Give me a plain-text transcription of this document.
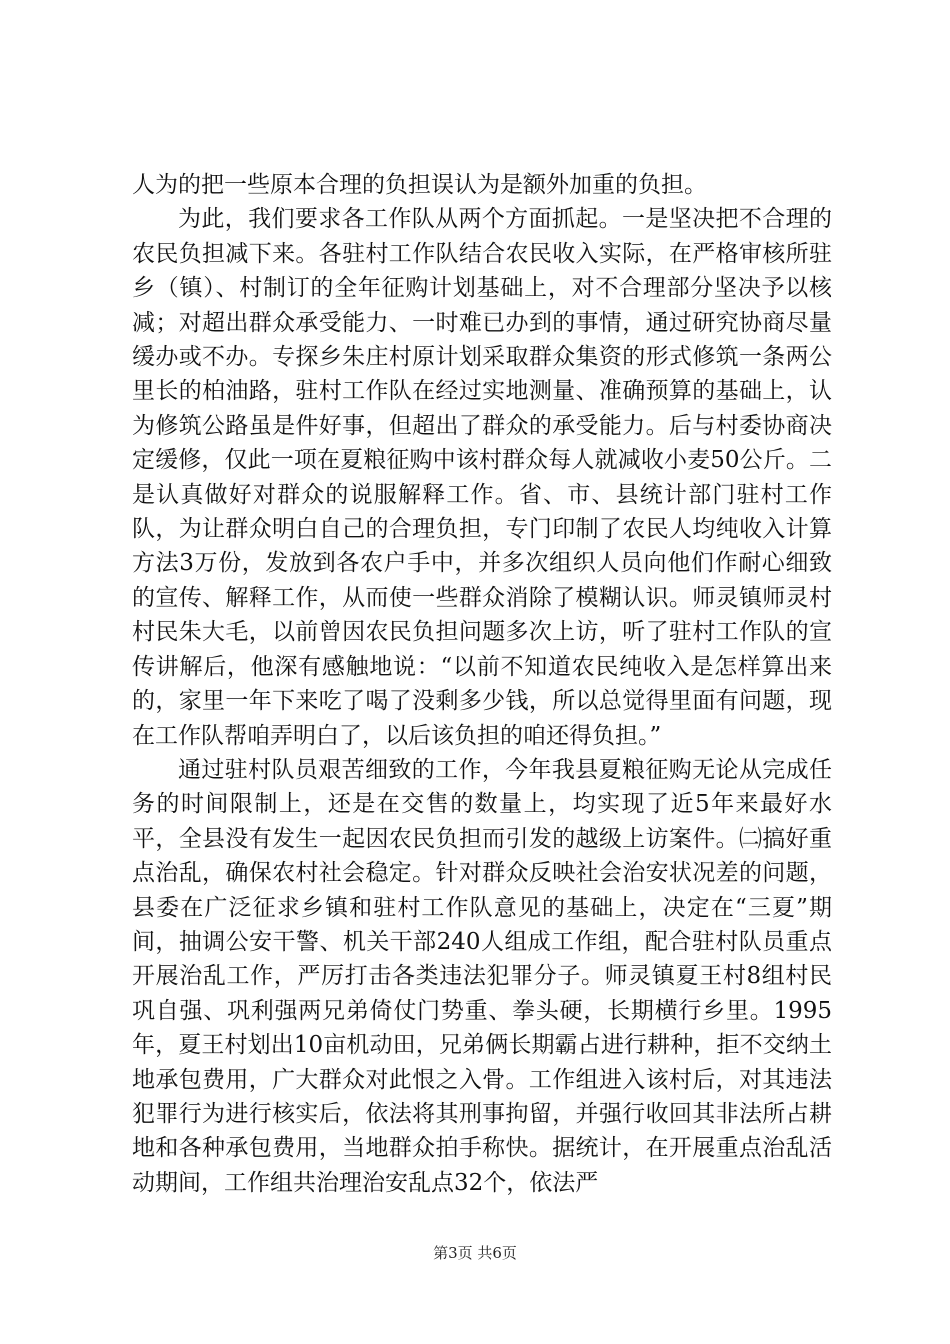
人为的把一些原本合理的负担误认为是额外加重的负担。

为此，我们要求各工作队从两个方面抓起。一是坚决把不合理的农民负担减下来。各驻村工作队结合农民收入实际，在严格审核所驻乡（镇）、村制订的全年征购计划基础上，对不合理部分坚决予以核减；对超出群众承受能力、一时难已办到的事情，通过研究协商尽量缓办或不办。专探乡朱庄村原计划采取群众集资的形式修筑一条两公里长的柏油路，驻村工作队在经过实地测量、准确预算的基础上，认为修筑公路虽是件好事，但超出了群众的承受能力。后与村委协商决定缓修，仅此一项在夏粮征购中该村群众每人就减收小麦50公斤。二是认真做好对群众的说服解释工作。省、市、县统计部门驻村工作队，为让群众明白自己的合理负担，专门印制了农民人均纯收入计算方法3万份，发放到各农户手中，并多次组织人员向他们作耐心细致的宣传、解释工作，从而使一些群众消除了模糊认识。师灵镇师灵村村民朱大毛，以前曾因农民负担问题多次上访，听了驻村工作队的宣传讲解后，他深有感触地说：“以前不知道农民纯收入是怎样算出来的，家里一年下来吃了喝了没剩多少钱，所以总觉得里面有问题，现在工作队帮咱弄明白了，以后该负担的咱还得负担。”

通过驻村队员艰苦细致的工作，今年我县夏粮征购无论从完成任务的时间限制上，还是在交售的数量上，均实现了近5年来最好水平，全县没有发生一起因农民负担而引发的越级上访案件。㈡搞好重点治乱，确保农村社会稳定。针对群众反映社会治安状况差的问题，县委在广泛征求乡镇和驻村工作队意见的基础上，决定在“三夏”期间，抽调公安干警、机关干部240人组成工作组，配合驻村队员重点开展治乱工作，严厉打击各类违法犯罪分子。师灵镇夏王村8组村民巩自强、巩利强两兄弟倚仗门势重、拳头硬，长期横行乡里。1995年，夏王村划出10亩机动田，兄弟俩长期霸占进行耕种，拒不交纳土地承包费用，广大群众对此恨之入骨。工作组进入该村后，对其违法犯罪行为进行核实后，依法将其刑事拘留，并强行收回其非法所占耕地和各种承包费用，当地群众拍手称快。据统计，在开展重点治乱活动期间，工作组共治理治安乱点32个，依法严

第3页 共6页
